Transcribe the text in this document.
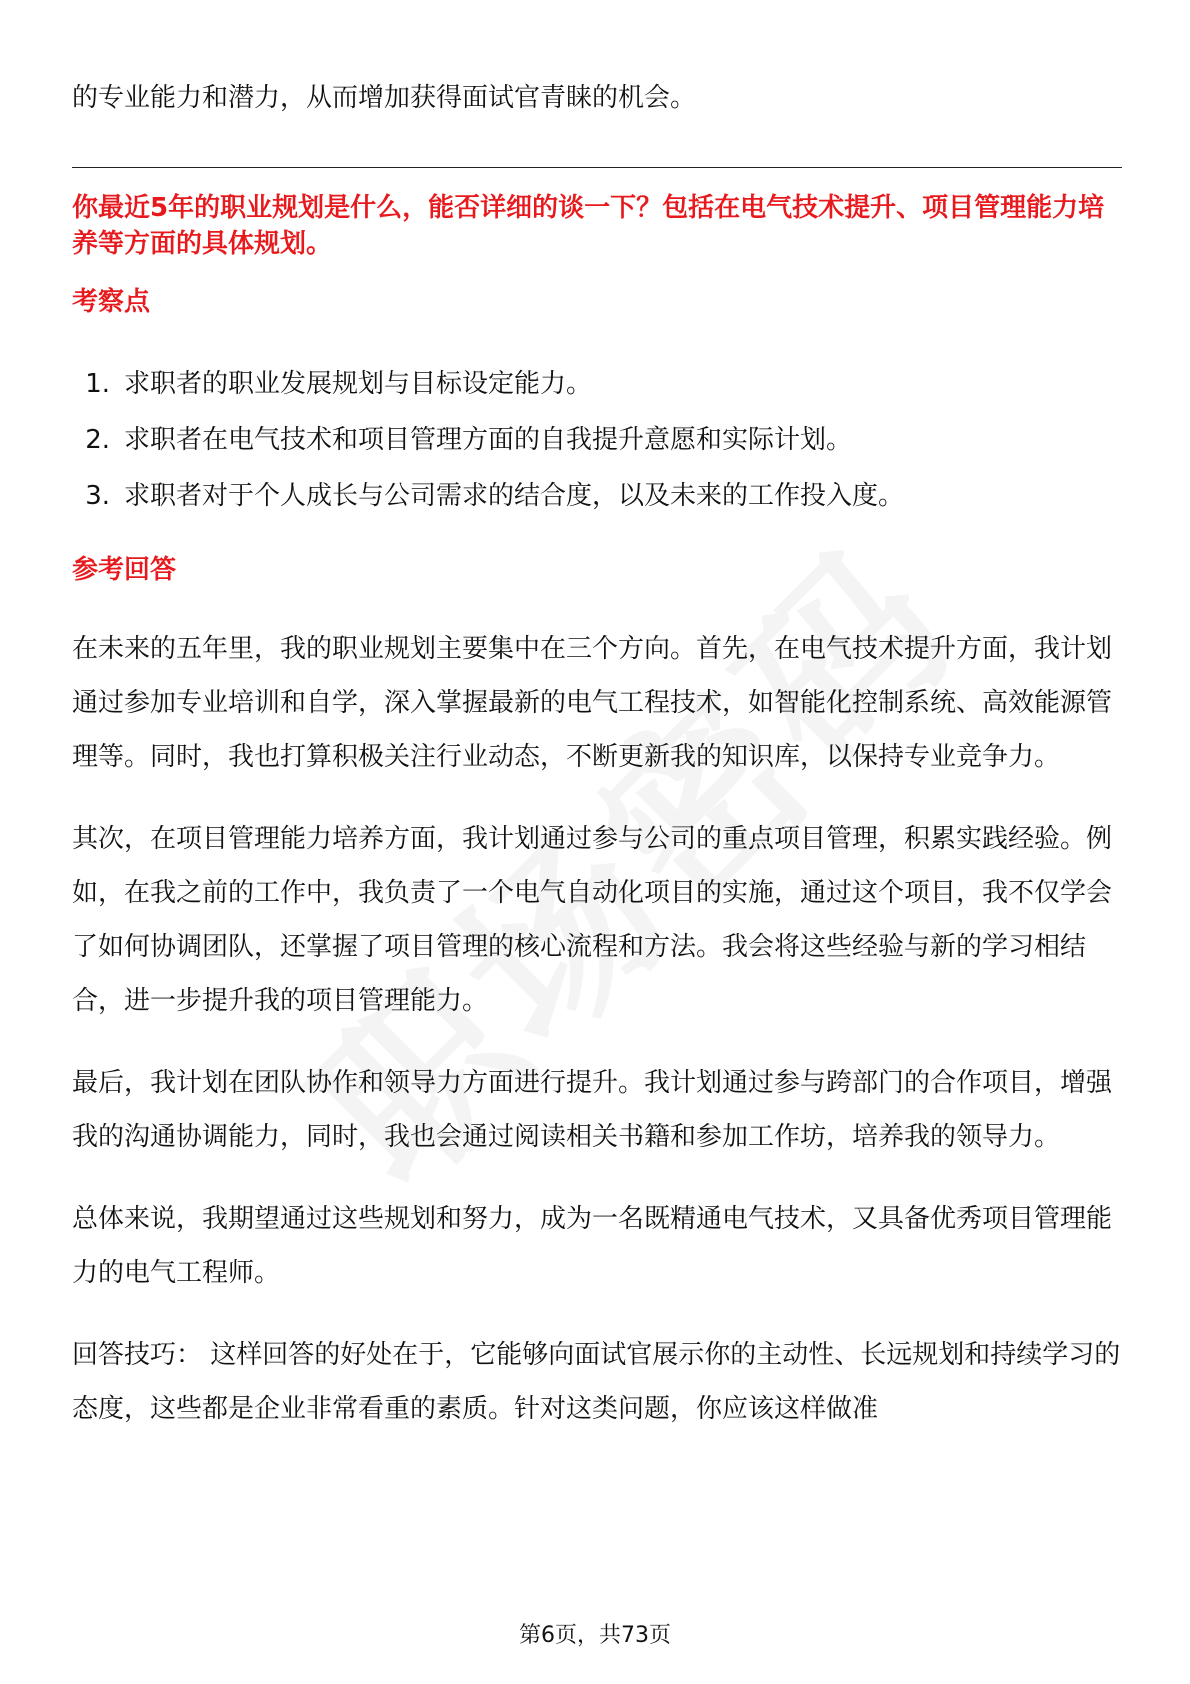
的专业能力和潜力，从而增加获得面试官青睐的机会。

你最近5年的职业规划是什么，能否详细的谈一下？包括在电气技术提升、项目管理能力培养等方面的具体规划。

考察点

1. 求职者的职业发展规划与目标设定能力。
2. 求职者在电气技术和项目管理方面的自我提升意愿和实际计划。
3. 求职者对于个人成长与公司需求的结合度，以及未来的工作投入度。

参考回答

在未来的五年里，我的职业规划主要集中在三个方向。首先，在电气技术提升方面，我计划通过参加专业培训和自学，深入掌握最新的电气工程技术，如智能化控制系统、高效能源管理等。同时，我也打算积极关注行业动态，不断更新我的知识库，以保持专业竞争力。

其次，在项目管理能力培养方面，我计划通过参与公司的重点项目管理，积累实践经验。例如，在我之前的工作中，我负责了一个电气自动化项目的实施，通过这个项目，我不仅学会了如何协调团队，还掌握了项目管理的核心流程和方法。我会将这些经验与新的学习相结合，进一步提升我的项目管理能力。

最后，我计划在团队协作和领导力方面进行提升。我计划通过参与跨部门的合作项目，增强我的沟通协调能力，同时，我也会通过阅读相关书籍和参加工作坊，培养我的领导力。

总体来说，我期望通过这些规划和努力，成为一名既精通电气技术，又具备优秀项目管理能力的电气工程师。

回答技巧： 这样回答的好处在于，它能够向面试官展示你的主动性、长远规划和持续学习的态度，这些都是企业非常看重的素质。针对这类问题，你应该这样做准

第6页，共73页
